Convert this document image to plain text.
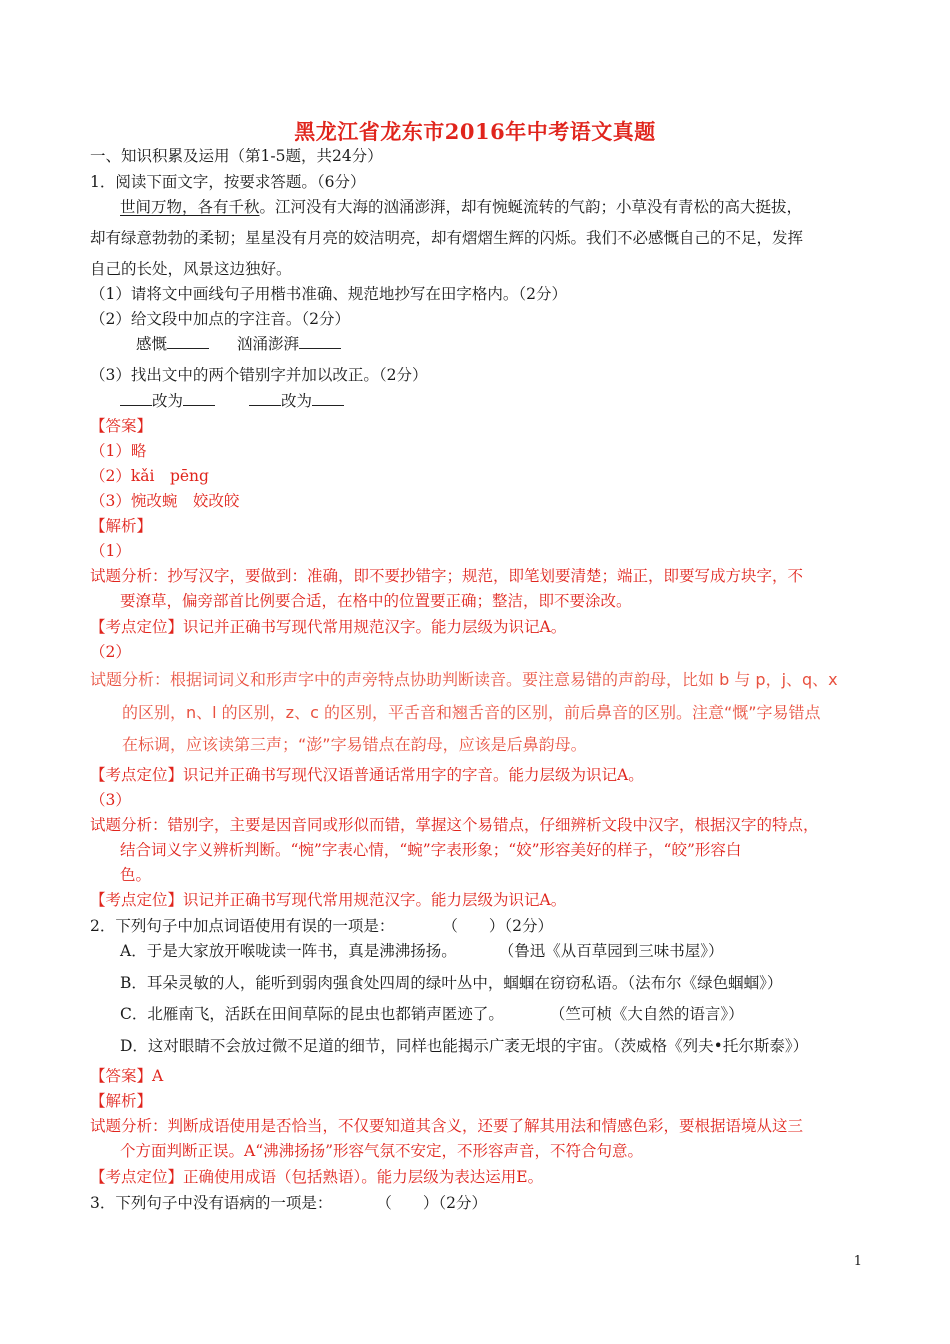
黑龙江省龙东市2016年中考语文真题
一、知识积累及运用（第1-5题，共24分）
1．阅读下面文字，按要求答题。（6分）
世间万物，各有千秋。江河没有大海的汹涌澎湃，却有惋蜒流转的气韵；小草没有青松的高大挺拔，
却有绿意勃勃的柔韧；星星没有月亮的姣洁明亮，却有熠熠生辉的闪烁。我们不必感慨自己的不足，发挥
自己的长处，风景这边独好。
（1）请将文中画线句子用楷书准确、规范地抄写在田字格内。（2分）
（2）给文段中加点的字注音。（2分）
感慨	汹涌澎湃
（3）找出文中的两个错别字并加以改正。（2分）
改为	改为
【答案】
（1）略
（2）kǎi　pēng
（3）惋改蜿　姣改皎
【解析】
（1）
试题分析：抄写汉字，要做到：准确，即不要抄错字；规范，即笔划要清楚；端正，即要写成方块字，不
要潦草，偏旁部首比例要合适，在格中的位置要正确；整洁，即不要涂改。
【考点定位】识记并正确书写现代常用规范汉字。能力层级为识记A。
（2）
试题分析：根据词词义和形声字中的声旁特点协助判断读音。要注意易错的声韵母，比如 b 与 p，j、q、x
的区别，n、l 的区别，z、c 的区别，平舌音和翘舌音的区别，前后鼻音的区别。注意“慨”字易错点
在标调，应该读第三声；“澎”字易错点在韵母，应该是后鼻韵母。
【考点定位】识记并正确书写现代汉语普通话常用字的字音。能力层级为识记A。
（3）
试题分析：错别字，主要是因音同或形似而错，掌握这个易错点，仔细辨析文段中汉字，根据汉字的特点，
结合词义字义辨析判断。“惋”字表心情，“蜿”字表形象；“姣”形容美好的样子，“皎”形容白
色。
【考点定位】识记并正确书写现代常用规范汉字。能力层级为识记A。
2．下列句子中加点词语使用有误的一项是：	（　　）（2分）
A．于是大家放开喉咙读一阵书，真是沸沸扬扬。	（鲁迅《从百草园到三味书屋》）
B．耳朵灵敏的人，能听到弱肉强食处四周的绿叶丛中，蝈蝈在窃窃私语。（法布尔《绿色蝈蝈》）
C．北雁南飞，活跃在田间草际的昆虫也都销声匿迹了。	（竺可桢《大自然的语言》）
D．这对眼睛不会放过微不足道的细节，同样也能揭示广袤无垠的宇宙。（茨威格《列夫•托尔斯泰》）
【答案】A
【解析】
试题分析：判断成语使用是否恰当，不仅要知道其含义，还要了解其用法和情感色彩，要根据语境从这三
个方面判断正误。A“沸沸扬扬”形容气氛不安定，不形容声音，不符合句意。
【考点定位】正确使用成语（包括熟语）。能力层级为表达运用E。
3．下列句子中没有语病的一项是：	（　　）（2分）
1
